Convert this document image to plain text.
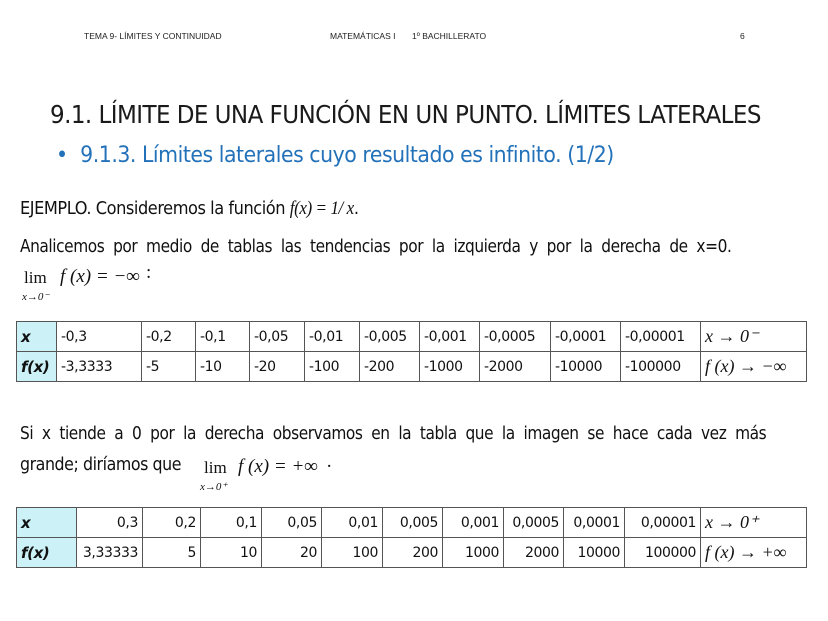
TEMA 9- LÍMITES Y CONTINUIDAD	MATEMÁTICAS I 1º BACHILLERATO	6
9.1. LÍMITE DE UNA FUNCIÓN EN UN PUNTO. LÍMITES LATERALES
• 9.1.3. Límites laterales cuyo resultado es infinito. (1/2)
EJEMPLO. Consideremos la función f(x) = 1/ x.
Analicemos por medio de tablas las tendencias por la izquierda y por la derecha de x=0.
lim
x→0⁻
f (x) = −∞ :
x	-0,3	-0,2	-0,1	-0,05	-0,01	-0,005	-0,001	-0,0005	-0,0001	-0,00001	x → 0⁻
f(x)	-3,3333	-5	-10	-20	-100	-200	-1000	-2000	-10000	-100000	f (x) → −∞
Si x tiende a 0 por la derecha observamos en la tabla que la imagen se hace cada vez más
grande; diríamos que lim
x→0⁺
f (x) = +∞ ·
x	0,3	0,2	0,1	0,05	0,01	0,005	0,001	0,0005	0,0001	0,00001	x → 0⁺
f(x)	3,33333	5	10	20	100	200	1000	2000	10000	100000	f (x) → +∞
